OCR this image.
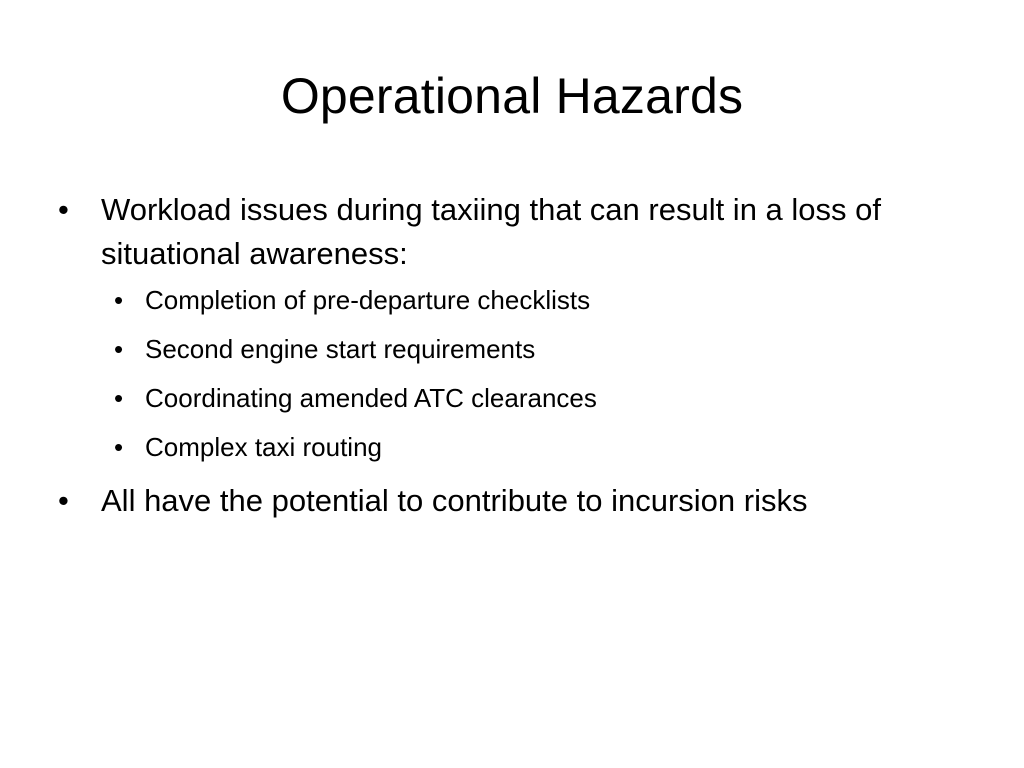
Operational Hazards
• Workload issues during taxiing that can result in a loss of situational awareness:
• Completion of pre-departure checklists
• Second engine start requirements
• Coordinating amended ATC clearances
• Complex taxi routing
• All have the potential to contribute to incursion risks
